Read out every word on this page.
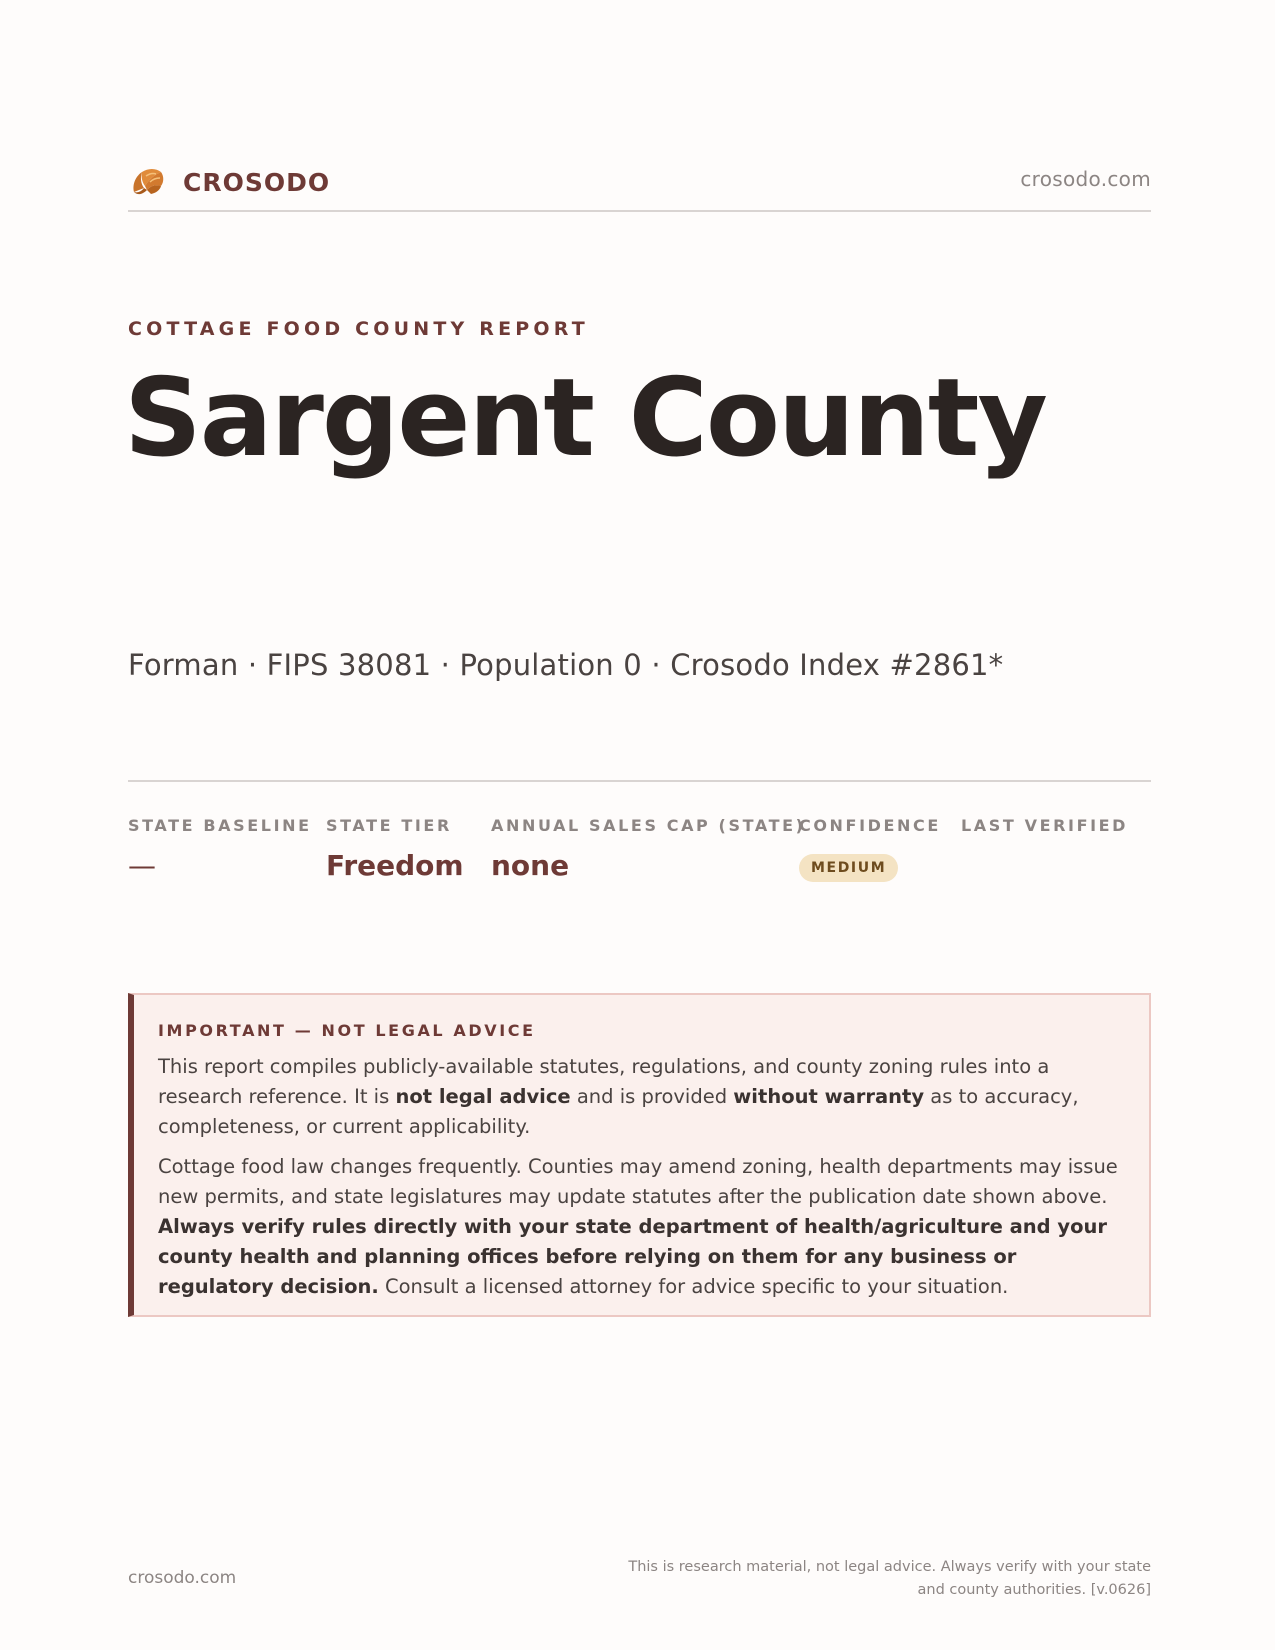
CROSODO	crosodo.com
COTTAGE FOOD COUNTY REPORT
Sargent County
Forman · FIPS 38081 · Population 0 · Crosodo Index #2861*
STATE BASELINE
—
STATE TIER
Freedom
ANNUAL SALES CAP (STATE)
none
CONFIDENCE
MEDIUM
LAST VERIFIED
IMPORTANT — NOT LEGAL ADVICE

This report compiles publicly-available statutes, regulations, and county zoning rules into a research reference. It is not legal advice and is provided without warranty as to accuracy, completeness, or current applicability.

Cottage food law changes frequently. Counties may amend zoning, health departments may issue new permits, and state legislatures may update statutes after the publication date shown above. Always verify rules directly with your state department of health/agriculture and your county health and planning offices before relying on them for any business or regulatory decision. Consult a licensed attorney for advice specific to your situation.

crosodo.com
This is research material, not legal advice. Always verify with your state
and county authorities. [v.0626]
